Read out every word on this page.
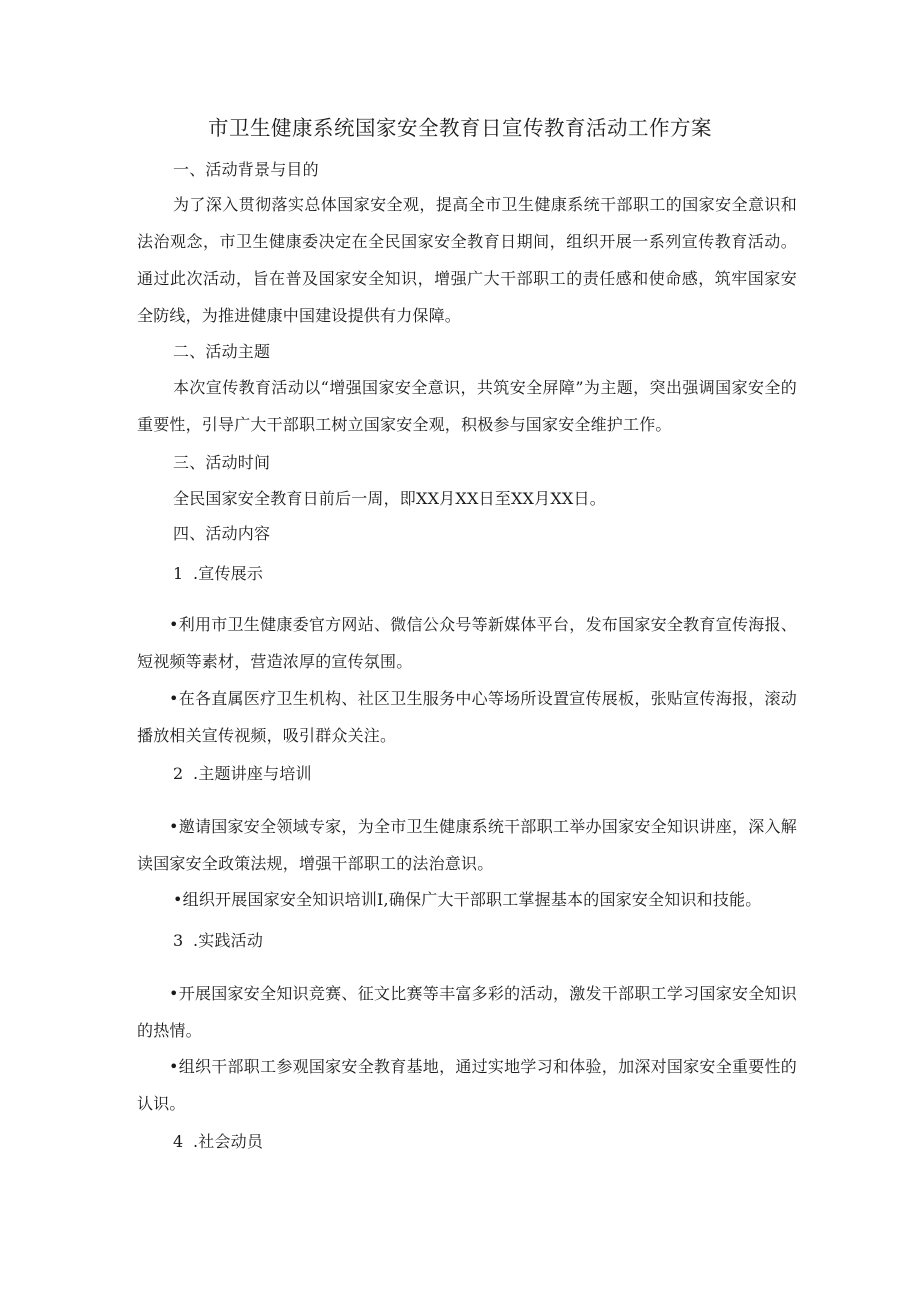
市卫生健康系统国家安全教育日宣传教育活动工作方案
一、活动背景与目的
为了深入贯彻落实总体国家安全观，提高全市卫生健康系统干部职工的国家安全意识和法治观念，市卫生健康委决定在全民国家安全教育日期间，组织开展一系列宣传教育活动。通过此次活动，旨在普及国家安全知识，增强广大干部职工的责任感和使命感，筑牢国家安全防线，为推进健康中国建设提供有力保障。
二、活动主题
本次宣传教育活动以“增强国家安全意识，共筑安全屏障”为主题，突出强调国家安全的重要性，引导广大干部职工树立国家安全观，积极参与国家安全维护工作。
三、活动时间
全民国家安全教育日前后一周，即XX月XX日至XX月XX日。
四、活动内容
1 .宣传展示
•利用市卫生健康委官方网站、微信公众号等新媒体平台，发布国家安全教育宣传海报、短视频等素材，营造浓厚的宣传氛围。
•在各直属医疗卫生机构、社区卫生服务中心等场所设置宣传展板，张贴宣传海报，滚动播放相关宣传视频，吸引群众关注。
2 .主题讲座与培训
•邀请国家安全领域专家，为全市卫生健康系统干部职工举办国家安全知识讲座，深入解读国家安全政策法规，增强干部职工的法治意识。
•组织开展国家安全知识培训I,确保广大干部职工掌握基本的国家安全知识和技能。
3 .实践活动
•开展国家安全知识竞赛、征文比赛等丰富多彩的活动，激发干部职工学习国家安全知识的热情。
•组织干部职工参观国家安全教育基地，通过实地学习和体验，加深对国家安全重要性的认识。
4 .社会动员
